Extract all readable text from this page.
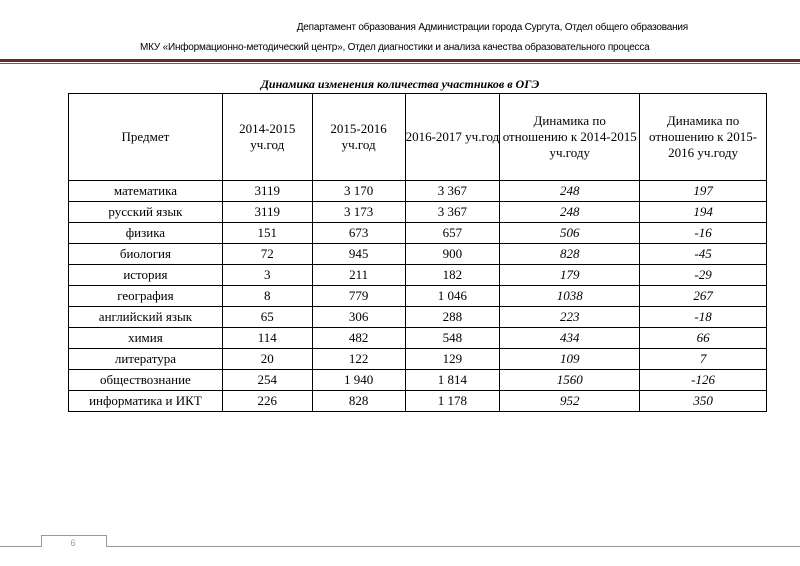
Департамент образования Администрации города Сургута, Отдел общего образования
МКУ «Информационно-методический центр», Отдел диагностики и анализа качества образовательного процесса
Динамика изменения количества участников в ОГЭ
Предмет	2014-2015 уч.год	2015-2016 уч.год	2016-2017 уч.год	Динамика по отношению к 2014-2015 уч.году	Динамика по отношению к 2015-2016 уч.году
математика	3119	3 170	3 367	248	197
русский язык	3119	3 173	3 367	248	194
физика	151	673	657	506	-16
биология	72	945	900	828	-45
история	3	211	182	179	-29
география	8	779	1 046	1038	267
английский язык	65	306	288	223	-18
химия	114	482	548	434	66
литература	20	122	129	109	7
обществознание	254	1 940	1 814	1560	-126
информатика и ИКТ	226	828	1 178	952	350
6
